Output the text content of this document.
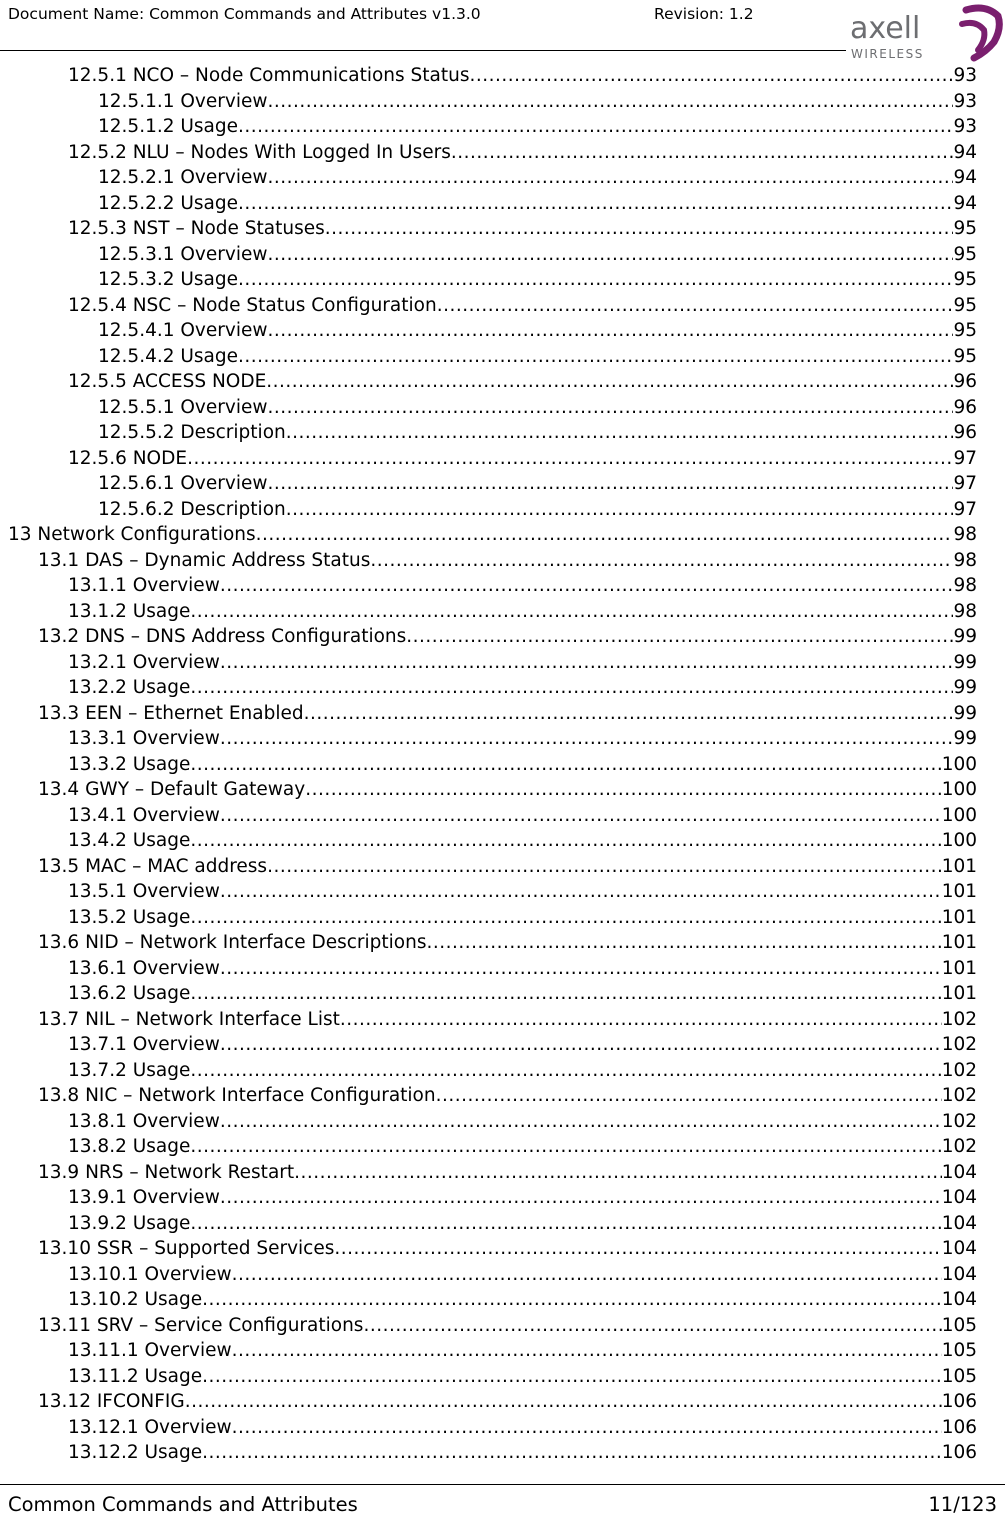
Document Name: Common Commands and Attributes v1.3.0	Revision: 1.2	axell
WIRELESS
12.5.1 NCO – Node Communications Status .....	93
12.5.1.1 Overview .....	93
12.5.1.2 Usage .....	93
12.5.2 NLU – Nodes With Logged In Users .....	94
12.5.2.1 Overview .....	94
12.5.2.2 Usage .....	94
12.5.3 NST – Node Statuses .....	95
12.5.3.1 Overview .....	95
12.5.3.2 Usage .....	95
12.5.4 NSC – Node Status Configuration .....	95
12.5.4.1 Overview .....	95
12.5.4.2 Usage .....	95
12.5.5 ACCESS NODE .....	96
12.5.5.1 Overview .....	96
12.5.5.2 Description .....	96
12.5.6 NODE .....	97
12.5.6.1 Overview .....	97
12.5.6.2 Description .....	97
13 Network Configurations .....	98
13.1 DAS – Dynamic Address Status .....	98
13.1.1 Overview .....	98
13.1.2 Usage .....	98
13.2 DNS – DNS Address Configurations .....	99
13.2.1 Overview .....	99
13.2.2 Usage .....	99
13.3 EEN – Ethernet Enabled .....	99
13.3.1 Overview .....	99
13.3.2 Usage .....	100
13.4 GWY – Default Gateway .....	100
13.4.1 Overview .....	100
13.4.2 Usage .....	100
13.5 MAC – MAC address .....	101
13.5.1 Overview .....	101
13.5.2 Usage .....	101
13.6 NID – Network Interface Descriptions .....	101
13.6.1 Overview .....	101
13.6.2 Usage .....	101
13.7 NIL – Network Interface List .....	102
13.7.1 Overview .....	102
13.7.2 Usage .....	102
13.8 NIC – Network Interface Configuration .....	102
13.8.1 Overview .....	102
13.8.2 Usage .....	102
13.9 NRS – Network Restart .....	104
13.9.1 Overview .....	104
13.9.2 Usage .....	104
13.10 SSR – Supported Services .....	104
13.10.1 Overview .....	104
13.10.2 Usage .....	104
13.11 SRV – Service Configurations .....	105
13.11.1 Overview .....	105
13.11.2 Usage .....	105
13.12 IFCONFIG .....	106
13.12.1 Overview .....	106
13.12.2 Usage .....	106
Common Commands and Attributes	11/123
